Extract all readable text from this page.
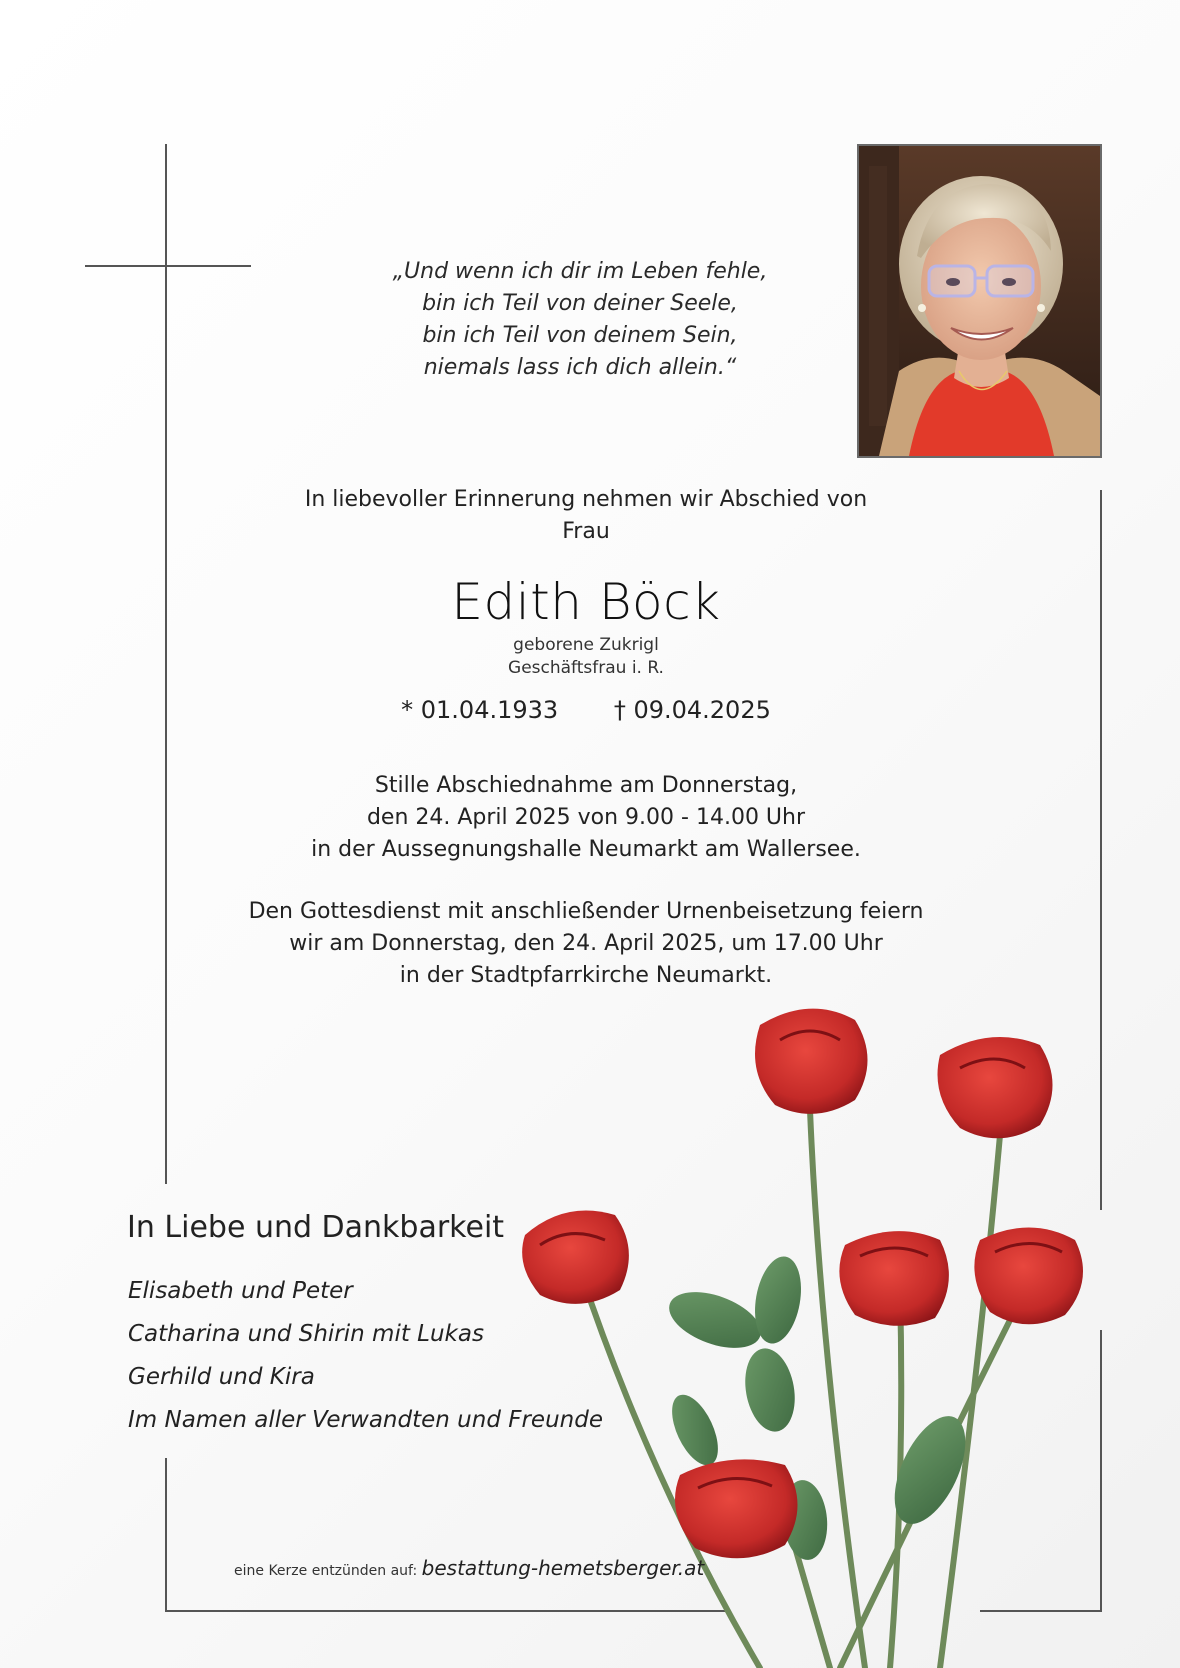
„Und wenn ich dir im Leben fehle,
bin ich Teil von deiner Seele,
bin ich Teil von deinem Sein,
niemals lass ich dich allein.“
In liebevoller Erinnerung nehmen wir Abschied von
Frau
Edith Böck
geborene Zukrigl
Geschäftsfrau i. R.
* 01.04.1933 † 09.04.2025
Stille Abschiednahme am Donnerstag,
den 24. April 2025 von 9.00 - 14.00 Uhr
in der Aussegnungshalle Neumarkt am Wallersee.
Den Gottesdienst mit anschließender Urnenbeisetzung feiern
wir am Donnerstag, den 24. April 2025, um 17.00 Uhr
in der Stadtpfarrkirche Neumarkt.
In Liebe und Dankbarkeit
Elisabeth und Peter
Catharina und Shirin mit Lukas
Gerhild und Kira
Im Namen aller Verwandten und Freunde
eine Kerze entzünden auf: bestattung-hemetsberger.at
